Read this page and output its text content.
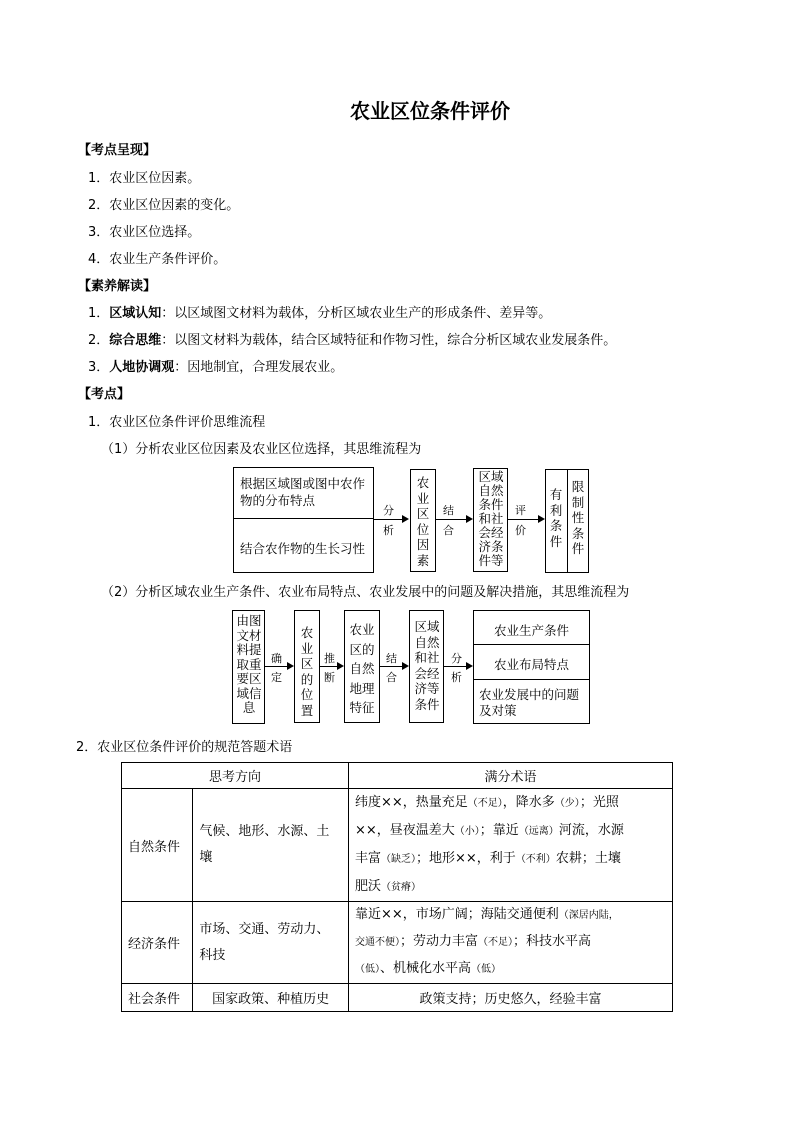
农业区位条件评价
【考点呈现】
1．农业区位因素。
2．农业区位因素的变化。
3．农业区位选择。
4．农业生产条件评价。
【素养解读】
1．区域认知：以区域图文材料为载体，分析区域农业生产的形成条件、差异等。
2．综合思维：以图文材料为载体，结合区域特征和作物习性，综合分析区域农业发展条件。
3．人地协调观：因地制宜，合理发展农业。
【考点】
1．农业区位条件评价思维流程
（1）分析农业区位因素及农业区位选择，其思维流程为
根据区域图或图中农作物的分布特点
结合农作物的生长习性
分
析
农业区位因素
结
合
区域自然条件和社会经济条件等
评
价
有利条件
限制性条件
（2）分析区域农业生产条件、农业布局特点、农业发展中的问题及解决措施，其思维流程为
由图文材料提取重要区域信息
确
定
农业区的位置
推
断
农业区的自然地理特征
结
合
区域自然和社会经济等条件
分
析
农业生产条件
农业布局特点
农业发展中的问题及对策
2．农业区位条件评价的规范答题术语
思考方向		满分术语
自然条件	气候、地形、水源、土壤	纬度××，热量充足（不足），降水多（少）；光照
××，昼夜温差大（小）；靠近（远离）河流，水源
丰富（缺乏）；地形××，利于（不利）农耕；土壤
肥沃（贫瘠）

经济条件	市场、交通、劳动力、科技	靠近××，市场广阔；海陆交通便利（深居内陆，
交通不便）；劳动力丰富（不足）；科技水平高
（低）、机械化水平高（低）

社会条件	国家政策、种植历史	政策支持；历史悠久，经验丰富
